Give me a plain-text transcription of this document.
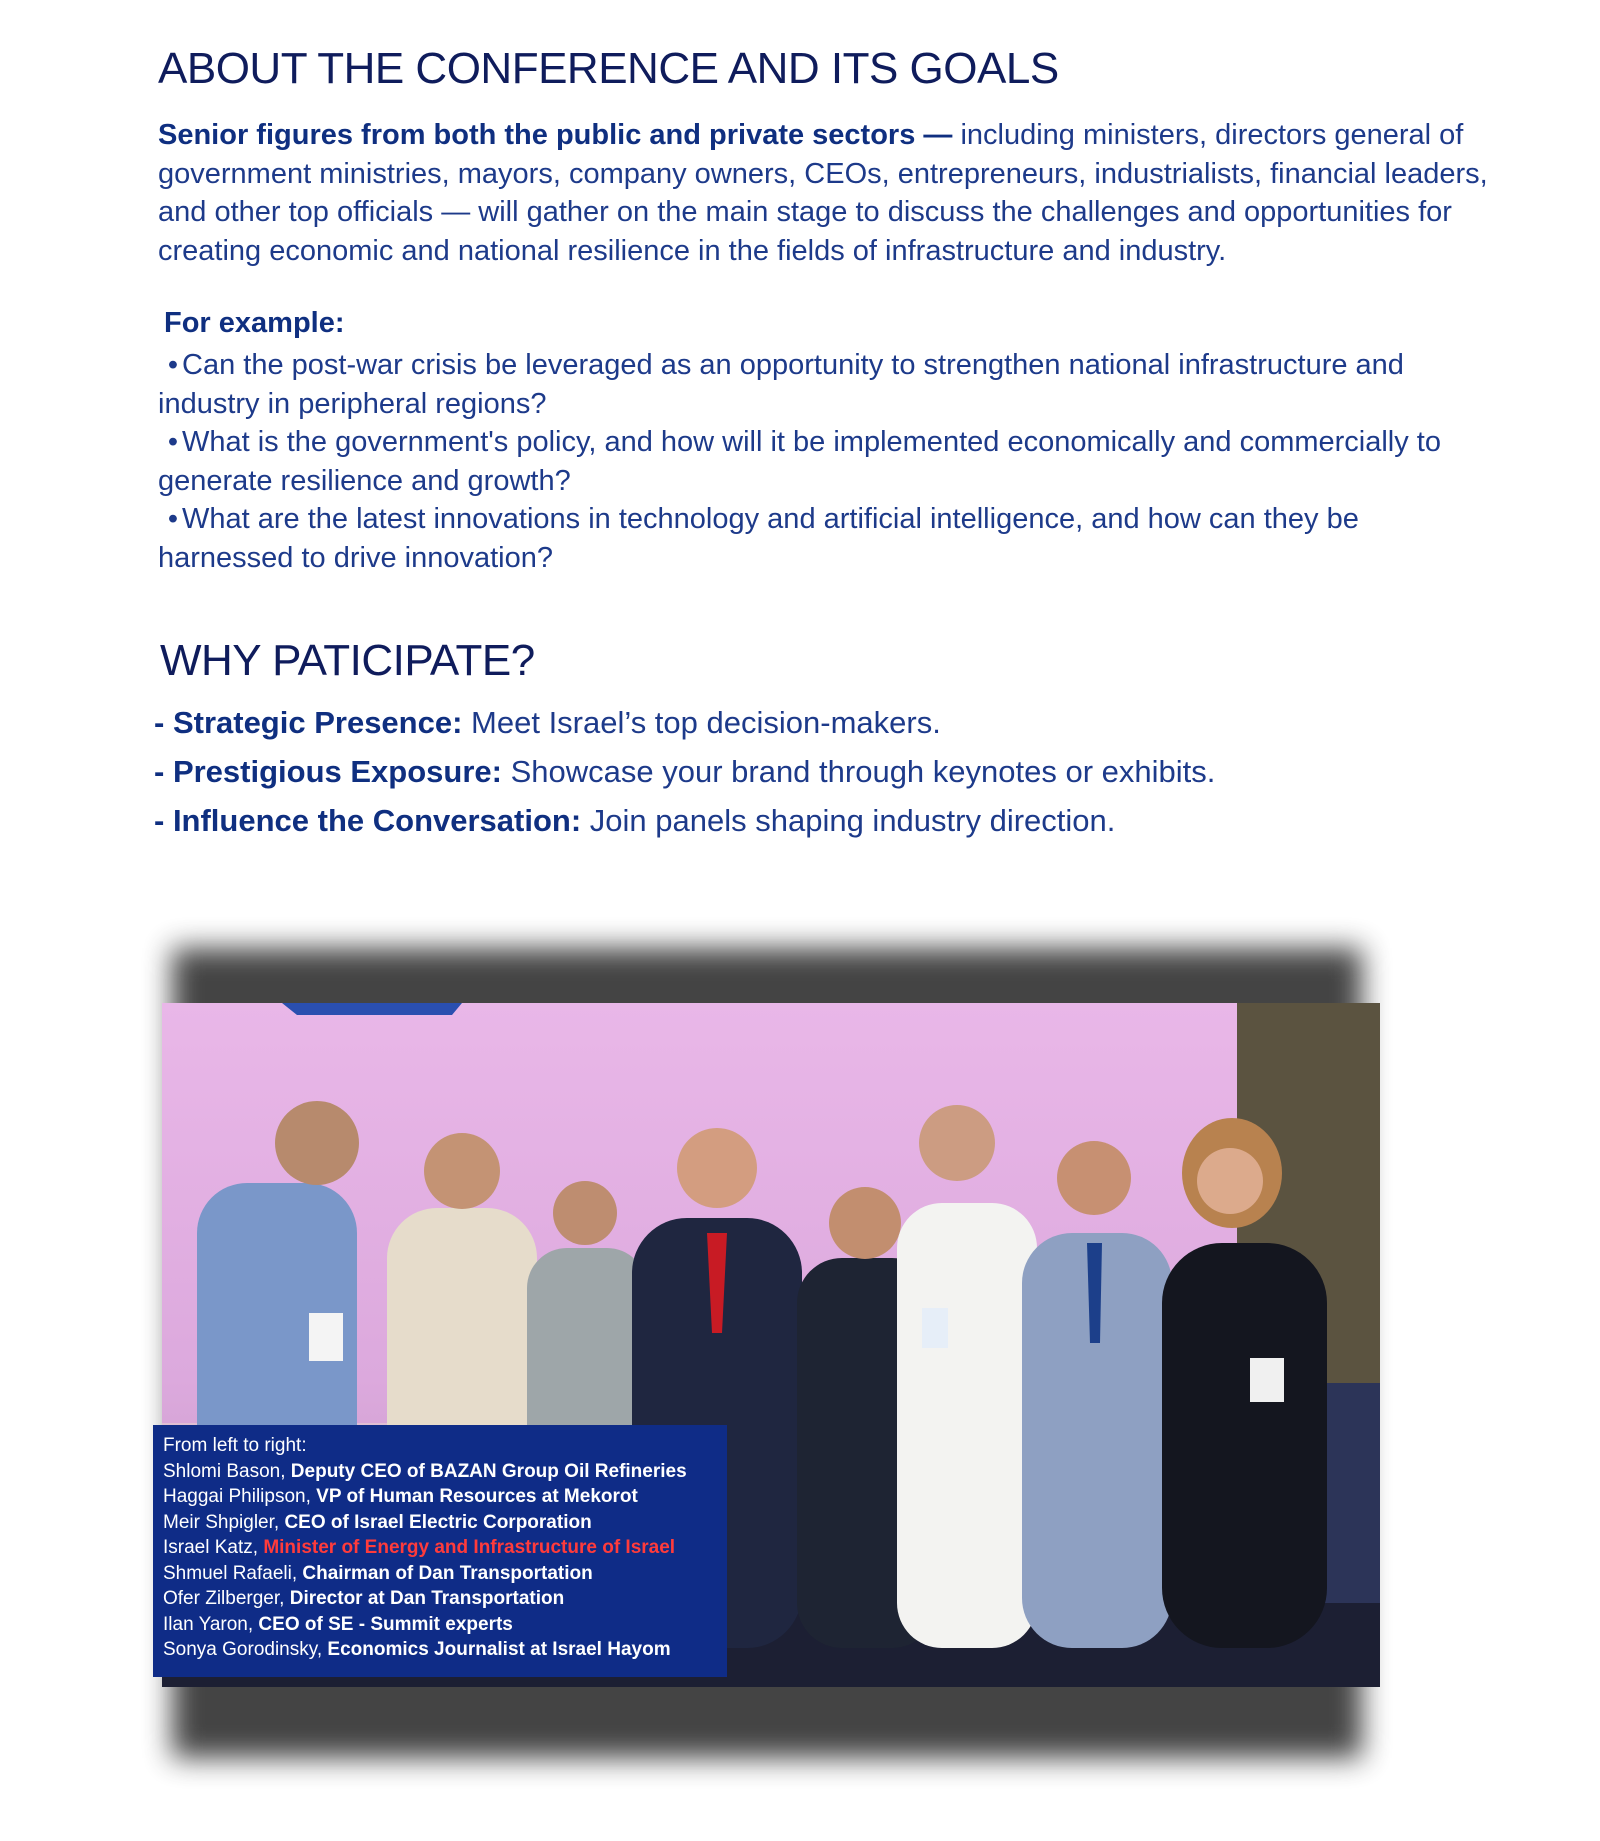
ABOUT THE CONFERENCE AND ITS GOALS

Senior figures from both the public and private sectors — including ministers, directors general of government ministries, mayors, company owners, CEOs, entrepreneurs, industrialists, financial leaders, and other top officials — will gather on the main stage to discuss the challenges and opportunities for creating economic and national resilience in the fields of infrastructure and industry.

For example:

• Can the post-war crisis be leveraged as an opportunity to strengthen national infrastructure and industry in peripheral regions?
• What is the government's policy, and how will it be implemented economically and commercially to generate resilience and growth?
• What are the latest innovations in technology and artificial intelligence, and how can they be harnessed to drive innovation?
WHY PATICIPATE?
- Strategic Presence: Meet Israel’s top decision-makers.
- Prestigious Exposure: Showcase your brand through keynotes or exhibits.
- Influence the Conversation: Join panels shaping industry direction.
From left to right:
Shlomi Bason, Deputy CEO of BAZAN Group Oil Refineries
Haggai Philipson, VP of Human Resources at Mekorot
Meir Shpigler, CEO of Israel Electric Corporation
Israel Katz, Minister of Energy and Infrastructure of Israel
Shmuel Rafaeli, Chairman of Dan Transportation
Ofer Zilberger, Director at Dan Transportation
Ilan Yaron, CEO of SE - Summit experts
Sonya Gorodinsky, Economics Journalist at Israel Hayom
